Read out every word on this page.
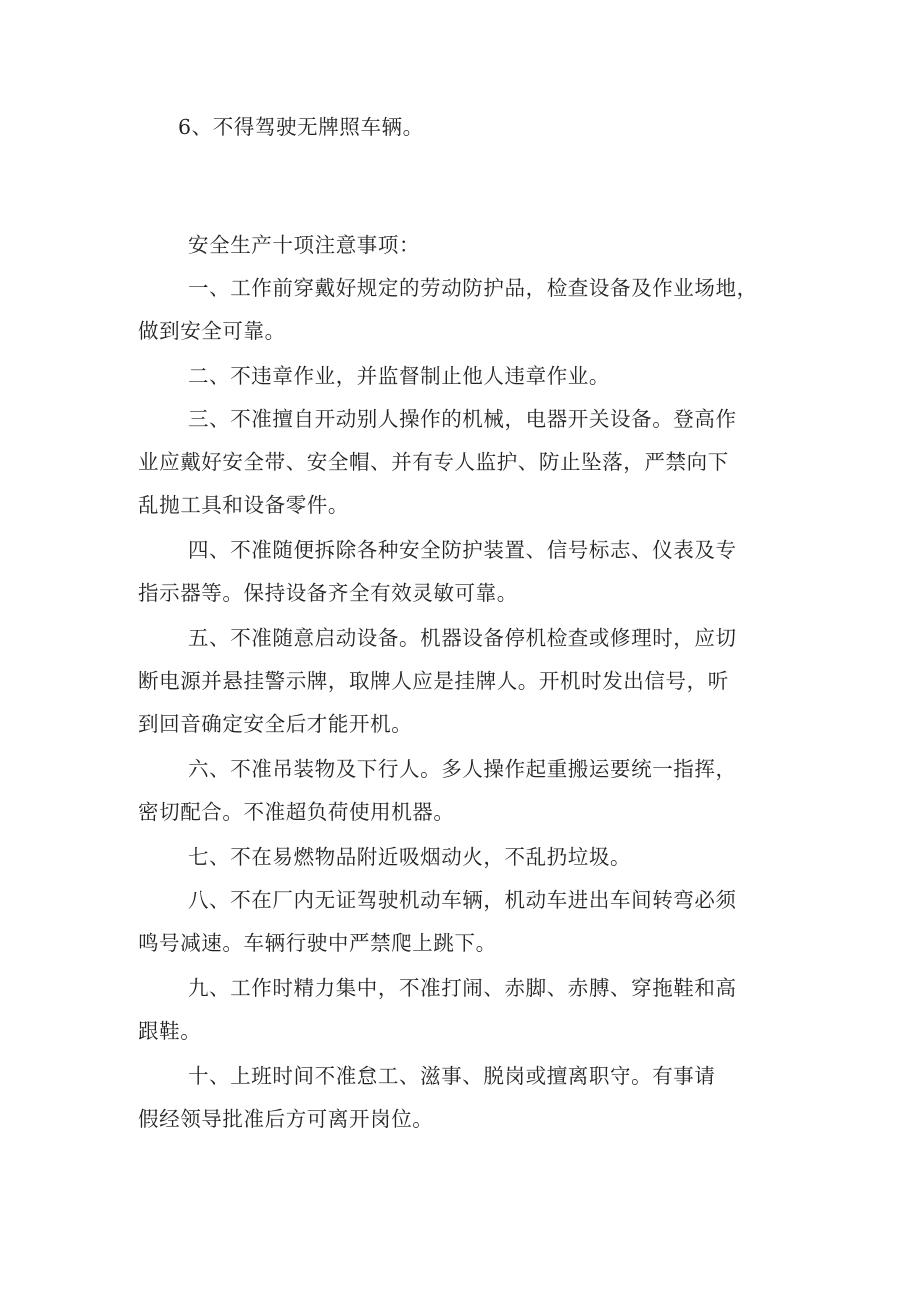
6、不得驾驶无牌照车辆。
安全生产十项注意事项：
一、工作前穿戴好规定的劳动防护品，检查设备及作业场地，
做到安全可靠。
二、不违章作业，并监督制止他人违章作业。
三、不准擅自开动别人操作的机械，电器开关设备。登高作
业应戴好安全带、安全帽、并有专人监护、防止坠落，严禁向下
乱抛工具和设备零件。
四、不准随便拆除各种安全防护装置、信号标志、仪表及专
指示器等。保持设备齐全有效灵敏可靠。
五、不准随意启动设备。机器设备停机检查或修理时，应切
断电源并悬挂警示牌，取牌人应是挂牌人。开机时发出信号，听
到回音确定安全后才能开机。
六、不准吊装物及下行人。多人操作起重搬运要统一指挥，
密切配合。不准超负荷使用机器。
七、不在易燃物品附近吸烟动火，不乱扔垃圾。
八、不在厂内无证驾驶机动车辆，机动车进出车间转弯必须
鸣号减速。车辆行驶中严禁爬上跳下。
九、工作时精力集中，不准打闹、赤脚、赤膊、穿拖鞋和高
跟鞋。
十、上班时间不准怠工、滋事、脱岗或擅离职守。有事请
假经领导批准后方可离开岗位。
